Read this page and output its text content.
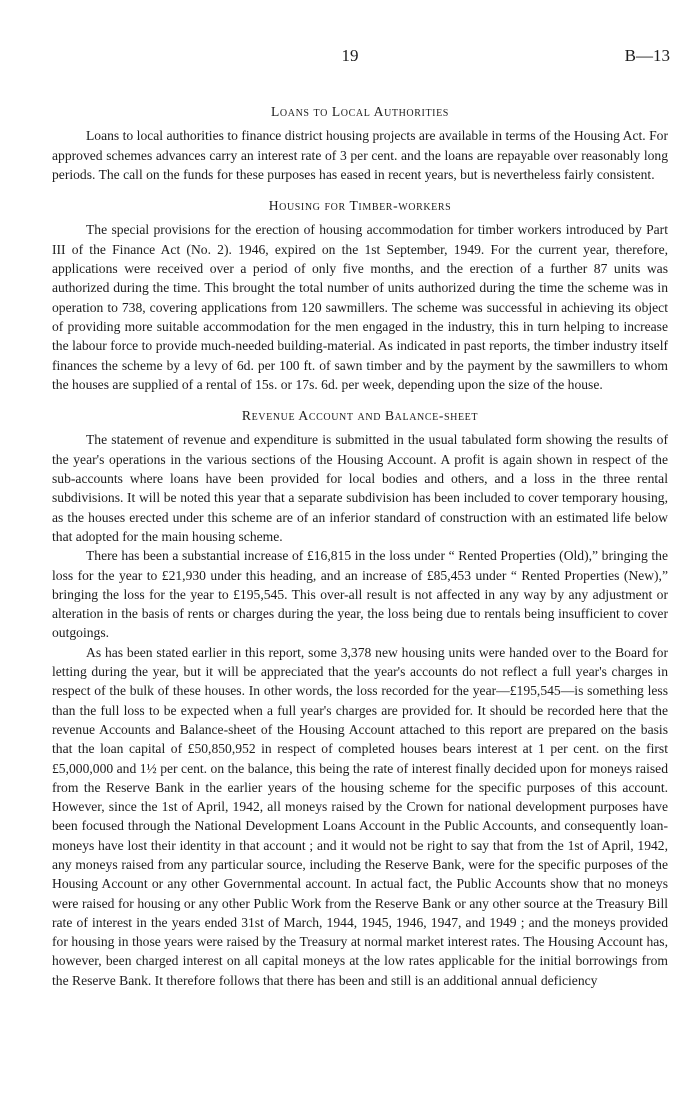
19	B—13
Loans to Local Authorities

Loans to local authorities to finance district housing projects are available in terms of the Housing Act. For approved schemes advances carry an interest rate of 3 per cent. and the loans are repayable over reasonably long periods. The call on the funds for these purposes has eased in recent years, but is nevertheless fairly consistent.

Housing for Timber-workers

The special provisions for the erection of housing accommodation for timber workers introduced by Part III of the Finance Act (No. 2). 1946, expired on the 1st September, 1949. For the current year, therefore, applications were received over a period of only five months, and the erection of a further 87 units was authorized during the time. This brought the total number of units authorized during the time the scheme was in operation to 738, covering applications from 120 sawmillers. The scheme was successful in achieving its object of providing more suitable accommodation for the men engaged in the industry, this in turn helping to increase the labour force to provide much-needed building-material. As indicated in past reports, the timber industry itself finances the scheme by a levy of 6d. per 100 ft. of sawn timber and by the payment by the sawmillers to whom the houses are supplied of a rental of 15s. or 17s. 6d. per week, depending upon the size of the house.

Revenue Account and Balance-sheet

The statement of revenue and expenditure is submitted in the usual tabulated form showing the results of the year's operations in the various sections of the Housing Account. A profit is again shown in respect of the sub-accounts where loans have been provided for local bodies and others, and a loss in the three rental subdivisions. It will be noted this year that a separate subdivision has been included to cover temporary housing, as the houses erected under this scheme are of an inferior standard of construction with an estimated life below that adopted for the main housing scheme.

There has been a substantial increase of £16,815 in the loss under “ Rented Properties (Old),” bringing the loss for the year to £21,930 under this heading, and an increase of £85,453 under “ Rented Properties (New),” bringing the loss for the year to £195,545. This over-all result is not affected in any way by any adjustment or alteration in the basis of rents or charges during the year, the loss being due to rentals being insufficient to cover outgoings.

As has been stated earlier in this report, some 3,378 new housing units were handed over to the Board for letting during the year, but it will be appreciated that the year's accounts do not reflect a full year's charges in respect of the bulk of these houses. In other words, the loss recorded for the year—£195,545—is something less than the full loss to be expected when a full year's charges are provided for. It should be recorded here that the revenue Accounts and Balance-sheet of the Housing Account attached to this report are prepared on the basis that the loan capital of £50,850,952 in respect of completed houses bears interest at 1 per cent. on the first £5,000,000 and 1½ per cent. on the balance, this being the rate of interest finally decided upon for moneys raised from the Reserve Bank in the earlier years of the housing scheme for the specific purposes of this account. However, since the 1st of April, 1942, all moneys raised by the Crown for national development purposes have been focused through the National Development Loans Account in the Public Accounts, and consequently loan-moneys have lost their identity in that account ; and it would not be right to say that from the 1st of April, 1942, any moneys raised from any particular source, including the Reserve Bank, were for the specific purposes of the Housing Account or any other Governmental account. In actual fact, the Public Accounts show that no moneys were raised for housing or any other Public Work from the Reserve Bank or any other source at the Treasury Bill rate of interest in the years ended 31st of March, 1944, 1945, 1946, 1947, and 1949 ; and the moneys provided for housing in those years were raised by the Treasury at normal market interest rates. The Housing Account has, however, been charged interest on all capital moneys at the low rates applicable for the initial borrowings from the Reserve Bank. It therefore follows that there has been and still is an additional annual deficiency
